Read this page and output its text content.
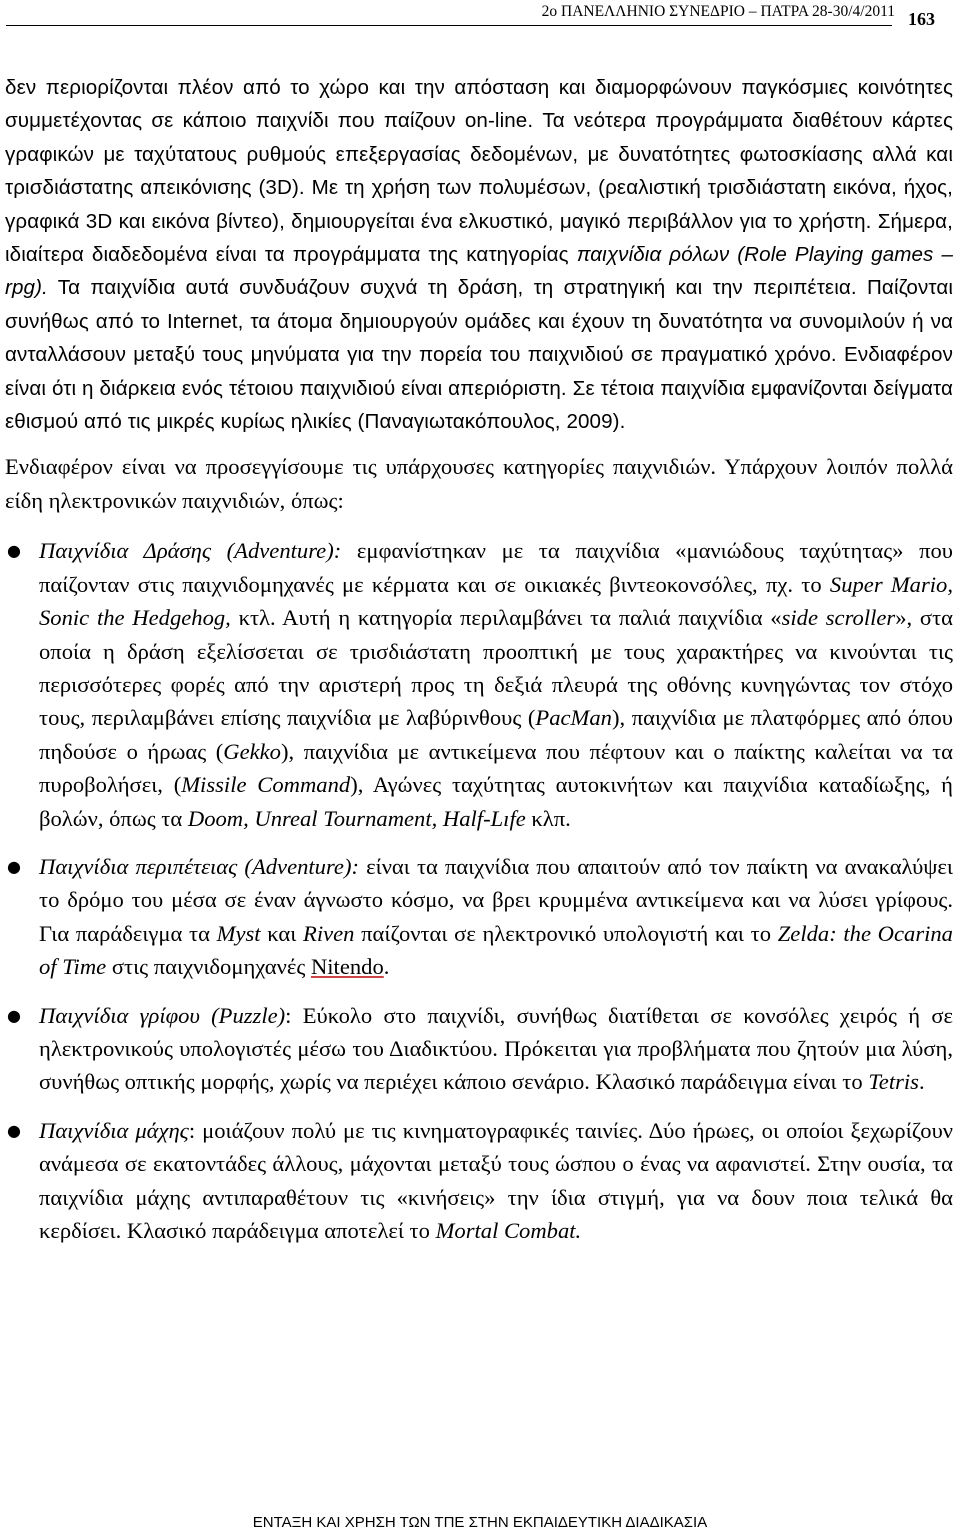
2ο ΠΑΝΕΛΛΗΝΙΟ ΣΥΝΕΔΡΙΟ – ΠΑΤΡΑ 28-30/4/2011 163

δεν περιορίζονται πλέον από το χώρο και την απόσταση και διαμορφώνουν παγκόσμιες κοινότητες συμμετέχοντας σε κάποιο παιχνίδι που παίζουν on-line. Τα νεότερα προγράμματα διαθέτουν κάρτες γραφικών με ταχύτατους ρυθμούς επεξεργασίας δεδομένων, με δυνατότητες φωτοσκίασης αλλά και τρισδιάστατης απεικόνισης (3D). Με τη χρήση των πολυμέσων, (ρεαλιστική τρισδιάστατη εικόνα, ήχος, γραφικά 3D και εικόνα βίντεο), δημιουργείται ένα ελκυστικό, μαγικό περιβάλλον για το χρήστη. Σήμερα, ιδιαίτερα διαδεδομένα είναι τα προγράμματα της κατηγορίας παιχνίδια ρόλων (Role Playing games – rpg). Τα παιχνίδια αυτά συνδυάζουν συχνά τη δράση, τη στρατηγική και την περιπέτεια. Παίζονται συνήθως από το Internet, τα άτομα δημιουργούν ομάδες και έχουν τη δυνατότητα να συνομιλούν ή να ανταλλάσουν μεταξύ τους μηνύματα για την πορεία του παιχνιδιού σε πραγματικό χρόνο. Ενδιαφέρον είναι ότι η διάρκεια ενός τέτοιου παιχνιδιού είναι απεριόριστη. Σε τέτοια παιχνίδια εμφανίζονται δείγματα εθισμού από τις μικρές κυρίως ηλικίες (Παναγιωτακόπουλος, 2009).

Ενδιαφέρον είναι να προσεγγίσουμε τις υπάρχουσες κατηγορίες παιχνιδιών. Υπάρχουν λοιπόν πολλά είδη ηλεκτρονικών παιχνιδιών, όπως:

● Παιχνίδια Δράσης (Adventure): εμφανίστηκαν με τα παιχνίδια «μανιώδους ταχύτητας» που παίζονταν στις παιχνιδομηχανές με κέρματα και σε οικιακές βιντεοκονσόλες, πχ. το Super Mario, Sonic the Hedgehog, κτλ. Αυτή η κατηγορία περιλαμβάνει τα παλιά παιχνίδια «side scroller», στα οποία η δράση εξελίσσεται σε τρισδιάστατη προοπτική με τους χαρακτήρες να κινούνται τις περισσότερες φορές από την αριστερή προς τη δεξιά πλευρά της οθόνης κυνηγώντας τον στόχο τους, περιλαμβάνει επίσης παιχνίδια με λαβύρινθους (PacMan), παιχνίδια με πλατφόρμες από όπου πηδούσε ο ήρωας (Gekko), παιχνίδια με αντικείμενα που πέφτουν και ο παίκτης καλείται να τα πυροβολήσει, (Missile Command), Αγώνες ταχύτητας αυτοκινήτων και παιχνίδια καταδίωξης, ή βολών, όπως τα Doom, Unreal Tournament, Half-Lıfe κλπ.
● Παιχνίδια περιπέτειας (Adventure): είναι τα παιχνίδια που απαιτούν από τον παίκτη να ανακαλύψει το δρόμο του μέσα σε έναν άγνωστο κόσμο, να βρει κρυμμένα αντικείμενα και να λύσει γρίφους. Για παράδειγμα τα Myst και Riven παίζονται σε ηλεκτρονικό υπολογιστή και το Zelda: the Ocarina of Time στις παιχνιδομηχανές Nitendo.
● Παιχνίδια γρίφου (Puzzle): Εύκολο στο παιχνίδι, συνήθως διατίθεται σε κονσόλες χειρός ή σε ηλεκτρονικούς υπολογιστές μέσω του Διαδικτύου. Πρόκειται για προβλήματα που ζητούν μια λύση, συνήθως οπτικής μορφής, χωρίς να περιέχει κάποιο σενάριο. Κλασικό παράδειγμα είναι το Tetris.
● Παιχνίδια μάχης: μοιάζουν πολύ με τις κινηματογραφικές ταινίες. Δύο ήρωες, οι οποίοι ξεχωρίζουν ανάμεσα σε εκατοντάδες άλλους, μάχονται μεταξύ τους ώσπου ο ένας να αφανιστεί. Στην ουσία, τα παιχνίδια μάχης αντιπαραθέτουν τις «κινήσεις» την ίδια στιγμή, για να δουν ποια τελικά θα κερδίσει. Κλασικό παράδειγμα αποτελεί το Mortal Combat.
ΕΝΤΑΞΗ ΚΑΙ ΧΡΗΣΗ ΤΩΝ ΤΠΕ ΣΤΗΝ ΕΚΠΑΙΔΕΥΤΙΚΗ ΔΙΑΔΙΚΑΣΙΑ
